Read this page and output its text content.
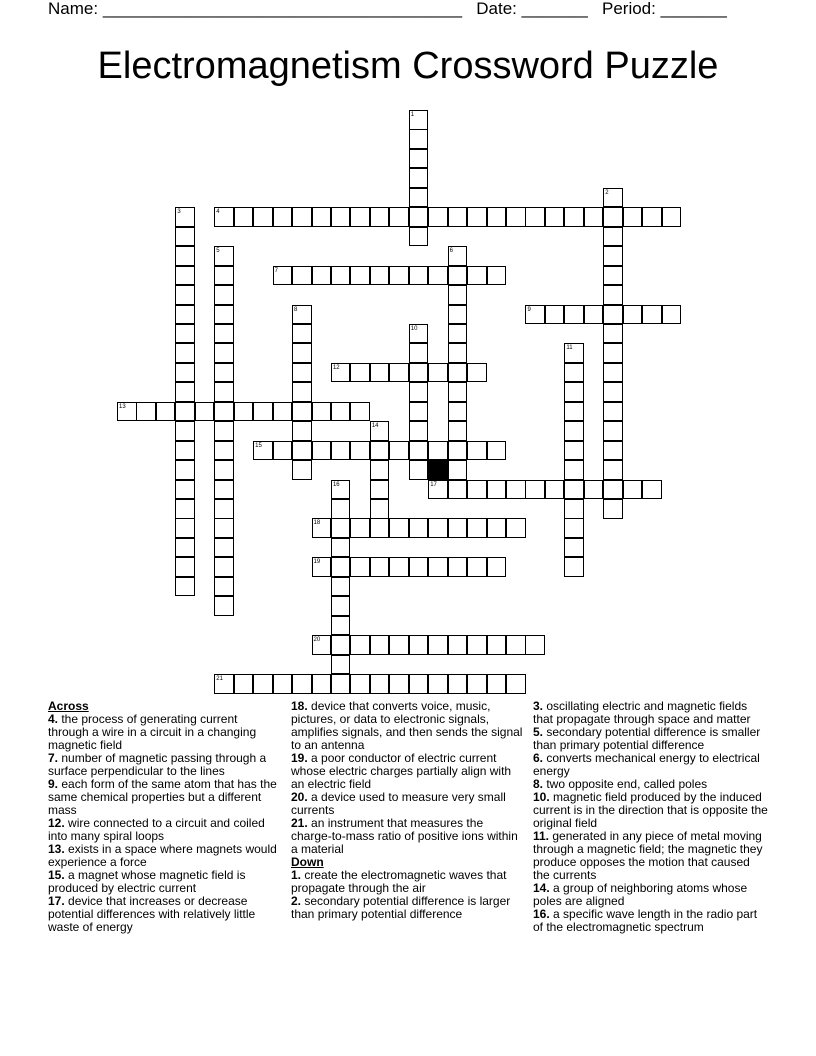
Name: ______________________________________ Date: _______ Period: _______
Electromagnetism Crossword Puzzle
1
2
3	4
5	6
7
8	9
10
11
12
13
14
15
16	17
18
19
20
21

Across

4. the process of generating current through a wire in a circuit in a changing magnetic field

7. number of magnetic passing through a surface perpendicular to the lines

9. each form of the same atom that has the same chemical properties but a different mass

12. wire connected to a circuit and coiled into many spiral loops

13. exists in a space where magnets would experience a force

15. a magnet whose magnetic field is produced by electric current

17. device that increases or decrease potential differences with relatively little waste of energy

18. device that converts voice, music, pictures, or data to electronic signals, amplifies signals, and then sends the signal to an antenna

19. a poor conductor of electric current whose electric charges partially align with an electric field

20. a device used to measure very small currents

21. an instrument that measures the charge-to-mass ratio of positive ions within a material

Down

1. create the electromagnetic waves that propagate through the air

2. secondary potential difference is larger than primary potential difference

3. oscillating electric and magnetic fields that propagate through space and matter

5. secondary potential difference is smaller than primary potential difference

6. converts mechanical energy to electrical energy

8. two opposite end, called poles

10. magnetic field produced by the induced current is in the direction that is opposite the original field

11. generated in any piece of metal moving through a magnetic field; the magnetic they produce opposes the motion that caused the currents

14. a group of neighboring atoms whose poles are aligned

16. a specific wave length in the radio part of the electromagnetic spectrum
